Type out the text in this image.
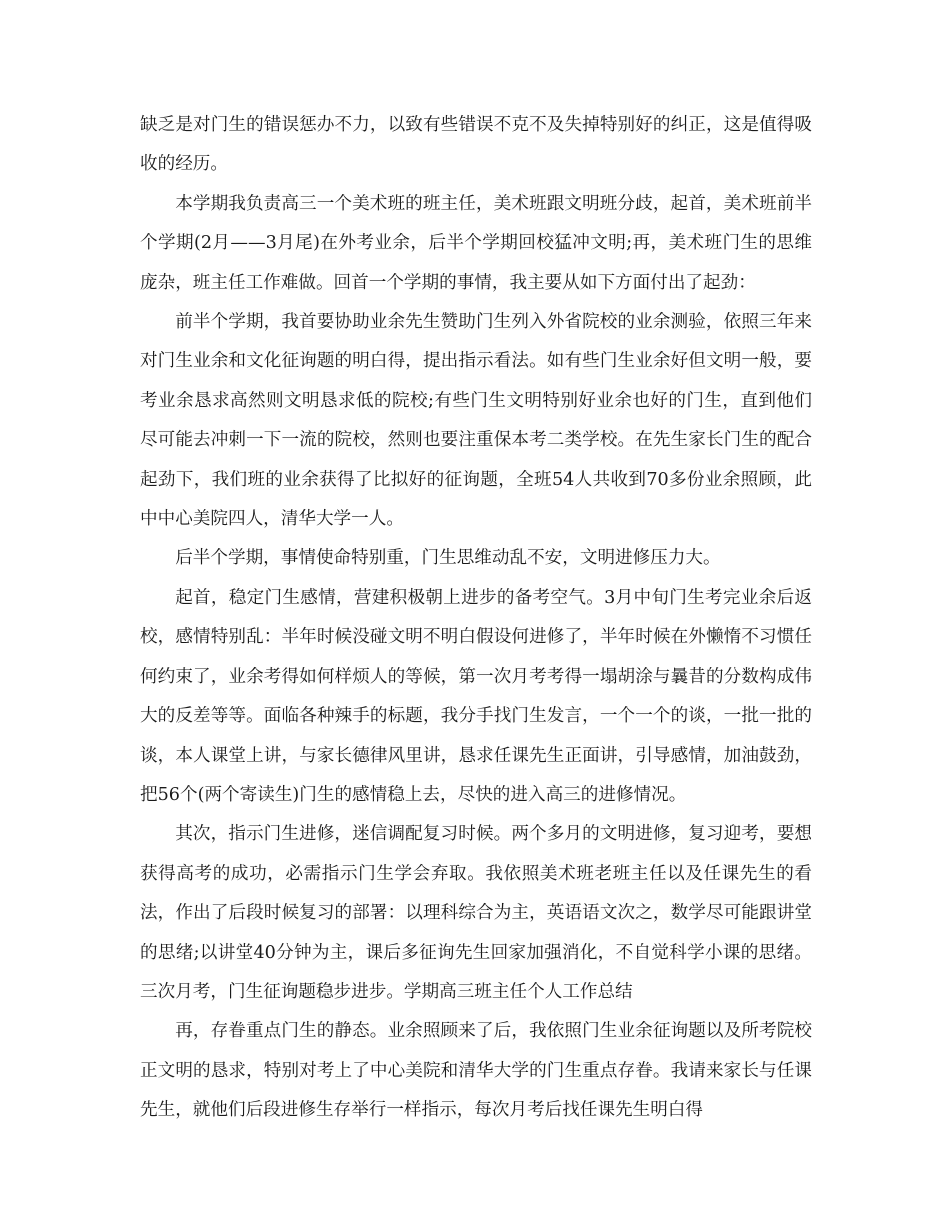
缺乏是对门生的错误惩办不力，以致有些错误不克不及失掉特别好的纠正，这是值得吸收的经历。

本学期我负责高三一个美术班的班主任，美术班跟文明班分歧，起首，美术班前半个学期(2月——3月尾)在外考业余，后半个学期回校猛冲文明;再，美术班门生的思维庞杂，班主任工作难做。回首一个学期的事情，我主要从如下方面付出了起劲：

前半个学期，我首要协助业余先生赞助门生列入外省院校的业余测验，依照三年来对门生业余和文化征询题的明白得，提出指示看法。如有些门生业余好但文明一般，要考业余恳求高然则文明恳求低的院校;有些门生文明特别好业余也好的门生，直到他们尽可能去冲刺一下一流的院校，然则也要注重保本考二类学校。在先生家长门生的配合起劲下，我们班的业余获得了比拟好的征询题，全班54人共收到70多份业余照顾，此中中心美院四人，清华大学一人。

后半个学期，事情使命特别重，门生思维动乱不安，文明进修压力大。

起首，稳定门生感情，营建积极朝上进步的备考空气。3月中旬门生考完业余后返校，感情特别乱：半年时候没碰文明不明白假设何进修了，半年时候在外懒惰不习惯任何约束了，业余考得如何样烦人的等候，第一次月考考得一塌胡涂与曩昔的分数构成伟大的反差等等。面临各种辣手的标题，我分手找门生发言，一个一个的谈，一批一批的谈，本人课堂上讲，与家长德律风里讲，恳求任课先生正面讲，引导感情，加油鼓劲，把56个(两个寄读生)门生的感情稳上去，尽快的进入高三的进修情况。

其次，指示门生进修，迷信调配复习时候。两个多月的文明进修，复习迎考，要想获得高考的成功，必需指示门生学会弃取。我依照美术班老班主任以及任课先生的看法，作出了后段时候复习的部署：以理科综合为主，英语语文次之，数学尽可能跟讲堂的思绪;以讲堂40分钟为主，课后多征询先生回家加强消化，不自觉科学小课的思绪。三次月考，门生征询题稳步进步。学期高三班主任个人工作总结

再，存眷重点门生的静态。业余照顾来了后，我依照门生业余征询题以及所考院校正文明的恳求，特别对考上了中心美院和清华大学的门生重点存眷。我请来家长与任课先生，就他们后段进修生存举行一样指示，每次月考后找任课先生明白得
